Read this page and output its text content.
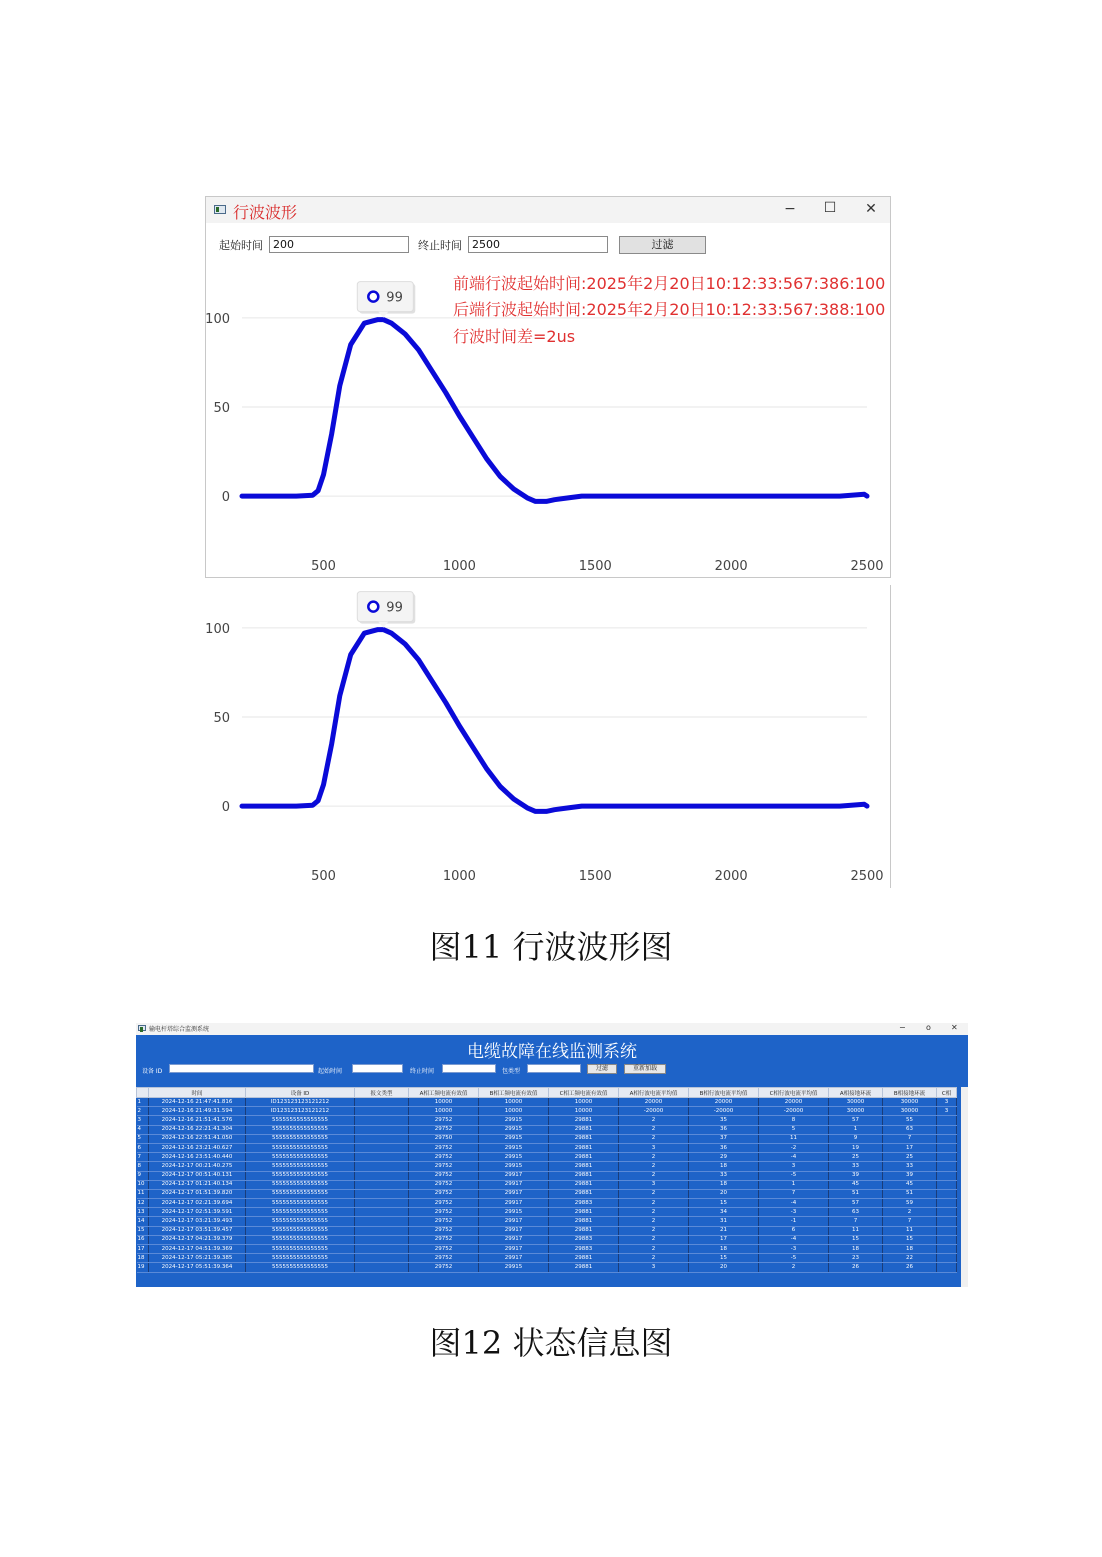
行波波形	−	☐	✕
起始时间 200	终止时间 2500	过滤
前端行波起始时间:2025年2月20日10:12:33:567:386:100
后端行波起始时间:2025年2月20日10:12:33:567:388:100
行波时间差=2us
0
50
100
500	1000	1500	2000	2500
99
0
50
100
500	1000	1500	2000	2500
99
图11 行波波形图
输电杆塔综合监测系统	−	o	✕
电缆故障在线监测系统
设备 ID	起始时间	终止时间	包类型	过滤	重新加载
	时间	设备 ID	报文类型	A相工频电流有效值	B相工频电流有效值	C相工频电流有效值	A相行波电流平均值	B相行波电流平均值	C相行波电流平均值	A相接地环流	B相接地环流	C相
1	2024-12-16 21:47:41.816	ID123123123121212		10000	10000	10000	20000	20000	20000	30000	30000	3
2	2024-12-16 21:49:31.594	ID123123123121212		10000	10000	10000	-20000	-20000	-20000	30000	30000	3
3	2024-12-16 21:51:41.576	5555555555555555		29752	29915	29881	2	35	8	57	55	
4	2024-12-16 22:21:41.304	5555555555555555		29752	29915	29881	2	36	5	1	63	
5	2024-12-16 22:51:41.050	5555555555555555		29750	29915	29881	2	37	11	9	7	
6	2024-12-16 23:21:40.627	5555555555555555		29752	29915	29881	3	36	-2	19	17	
7	2024-12-16 23:51:40.440	5555555555555555		29752	29915	29881	2	29	-4	25	25	
8	2024-12-17 00:21:40.275	5555555555555555		29752	29915	29881	2	18	3	33	33	
9	2024-12-17 00:51:40.131	5555555555555555		29752	29917	29881	2	33	-5	39	39	
10	2024-12-17 01:21:40.134	5555555555555555		29752	29917	29881	3	18	1	45	45	
11	2024-12-17 01:51:39.820	5555555555555555		29752	29917	29881	2	20	7	51	51	
12	2024-12-17 02:21:39.694	5555555555555555		29752	29917	29883	2	15	-4	57	59	
13	2024-12-17 02:51:39.591	5555555555555555		29752	29915	29881	2	34	-3	63	2	
14	2024-12-17 03:21:39.493	5555555555555555		29752	29917	29881	2	31	-1	7	7	
15	2024-12-17 03:51:39.457	5555555555555555		29752	29917	29881	2	21	6	11	11	
16	2024-12-17 04:21:39.379	5555555555555555		29752	29917	29883	2	17	-4	15	15	
17	2024-12-17 04:51:39.369	5555555555555555		29752	29917	29883	2	18	-3	18	18	
18	2024-12-17 05:21:39.385	5555555555555555		29752	29917	29881	2	15	-5	23	22	
19	2024-12-17 05:51:39.364	5555555555555555		29752	29915	29881	3	20	2	26	26	
图12 状态信息图
